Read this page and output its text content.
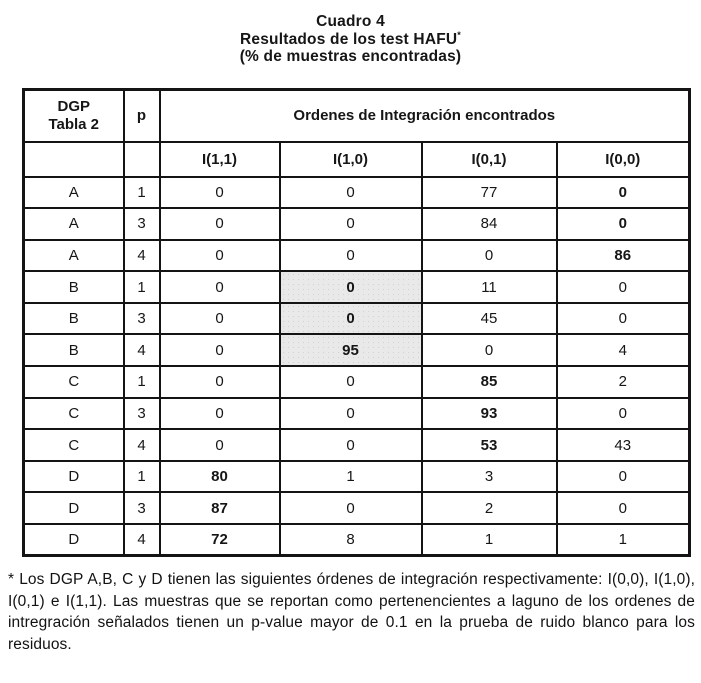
Cuadro 4
Resultados de los test HAFU*
(% de muestras encontradas)
DGP
Tabla 2	p	Ordenes de Integración encontrados			
		I(1,1)	I(1,0)	I(0,1)	I(0,0)
A	1	0	0	77	0
A	3	0	0	84	0
A	4	0	0	0	86
B	1	0	0	11	0
B	3	0	0	45	0
B	4	0	95	0	4
C	1	0	0	85	2
C	3	0	0	93	0
C	4	0	0	53	43
D	1	80	1	3	0
D	3	87	0	2	0
D	4	72	8	1	1

* Los DGP A,B, C y D tienen las siguientes órdenes de integración respectivamente: I(0,0), I(1,0), I(0,1) e I(1,1). Las muestras que se reportan como pertenencientes a laguno de los ordenes de intregración señalados tienen un p-value mayor de 0.1 en la prueba de ruido blanco para los residuos.
